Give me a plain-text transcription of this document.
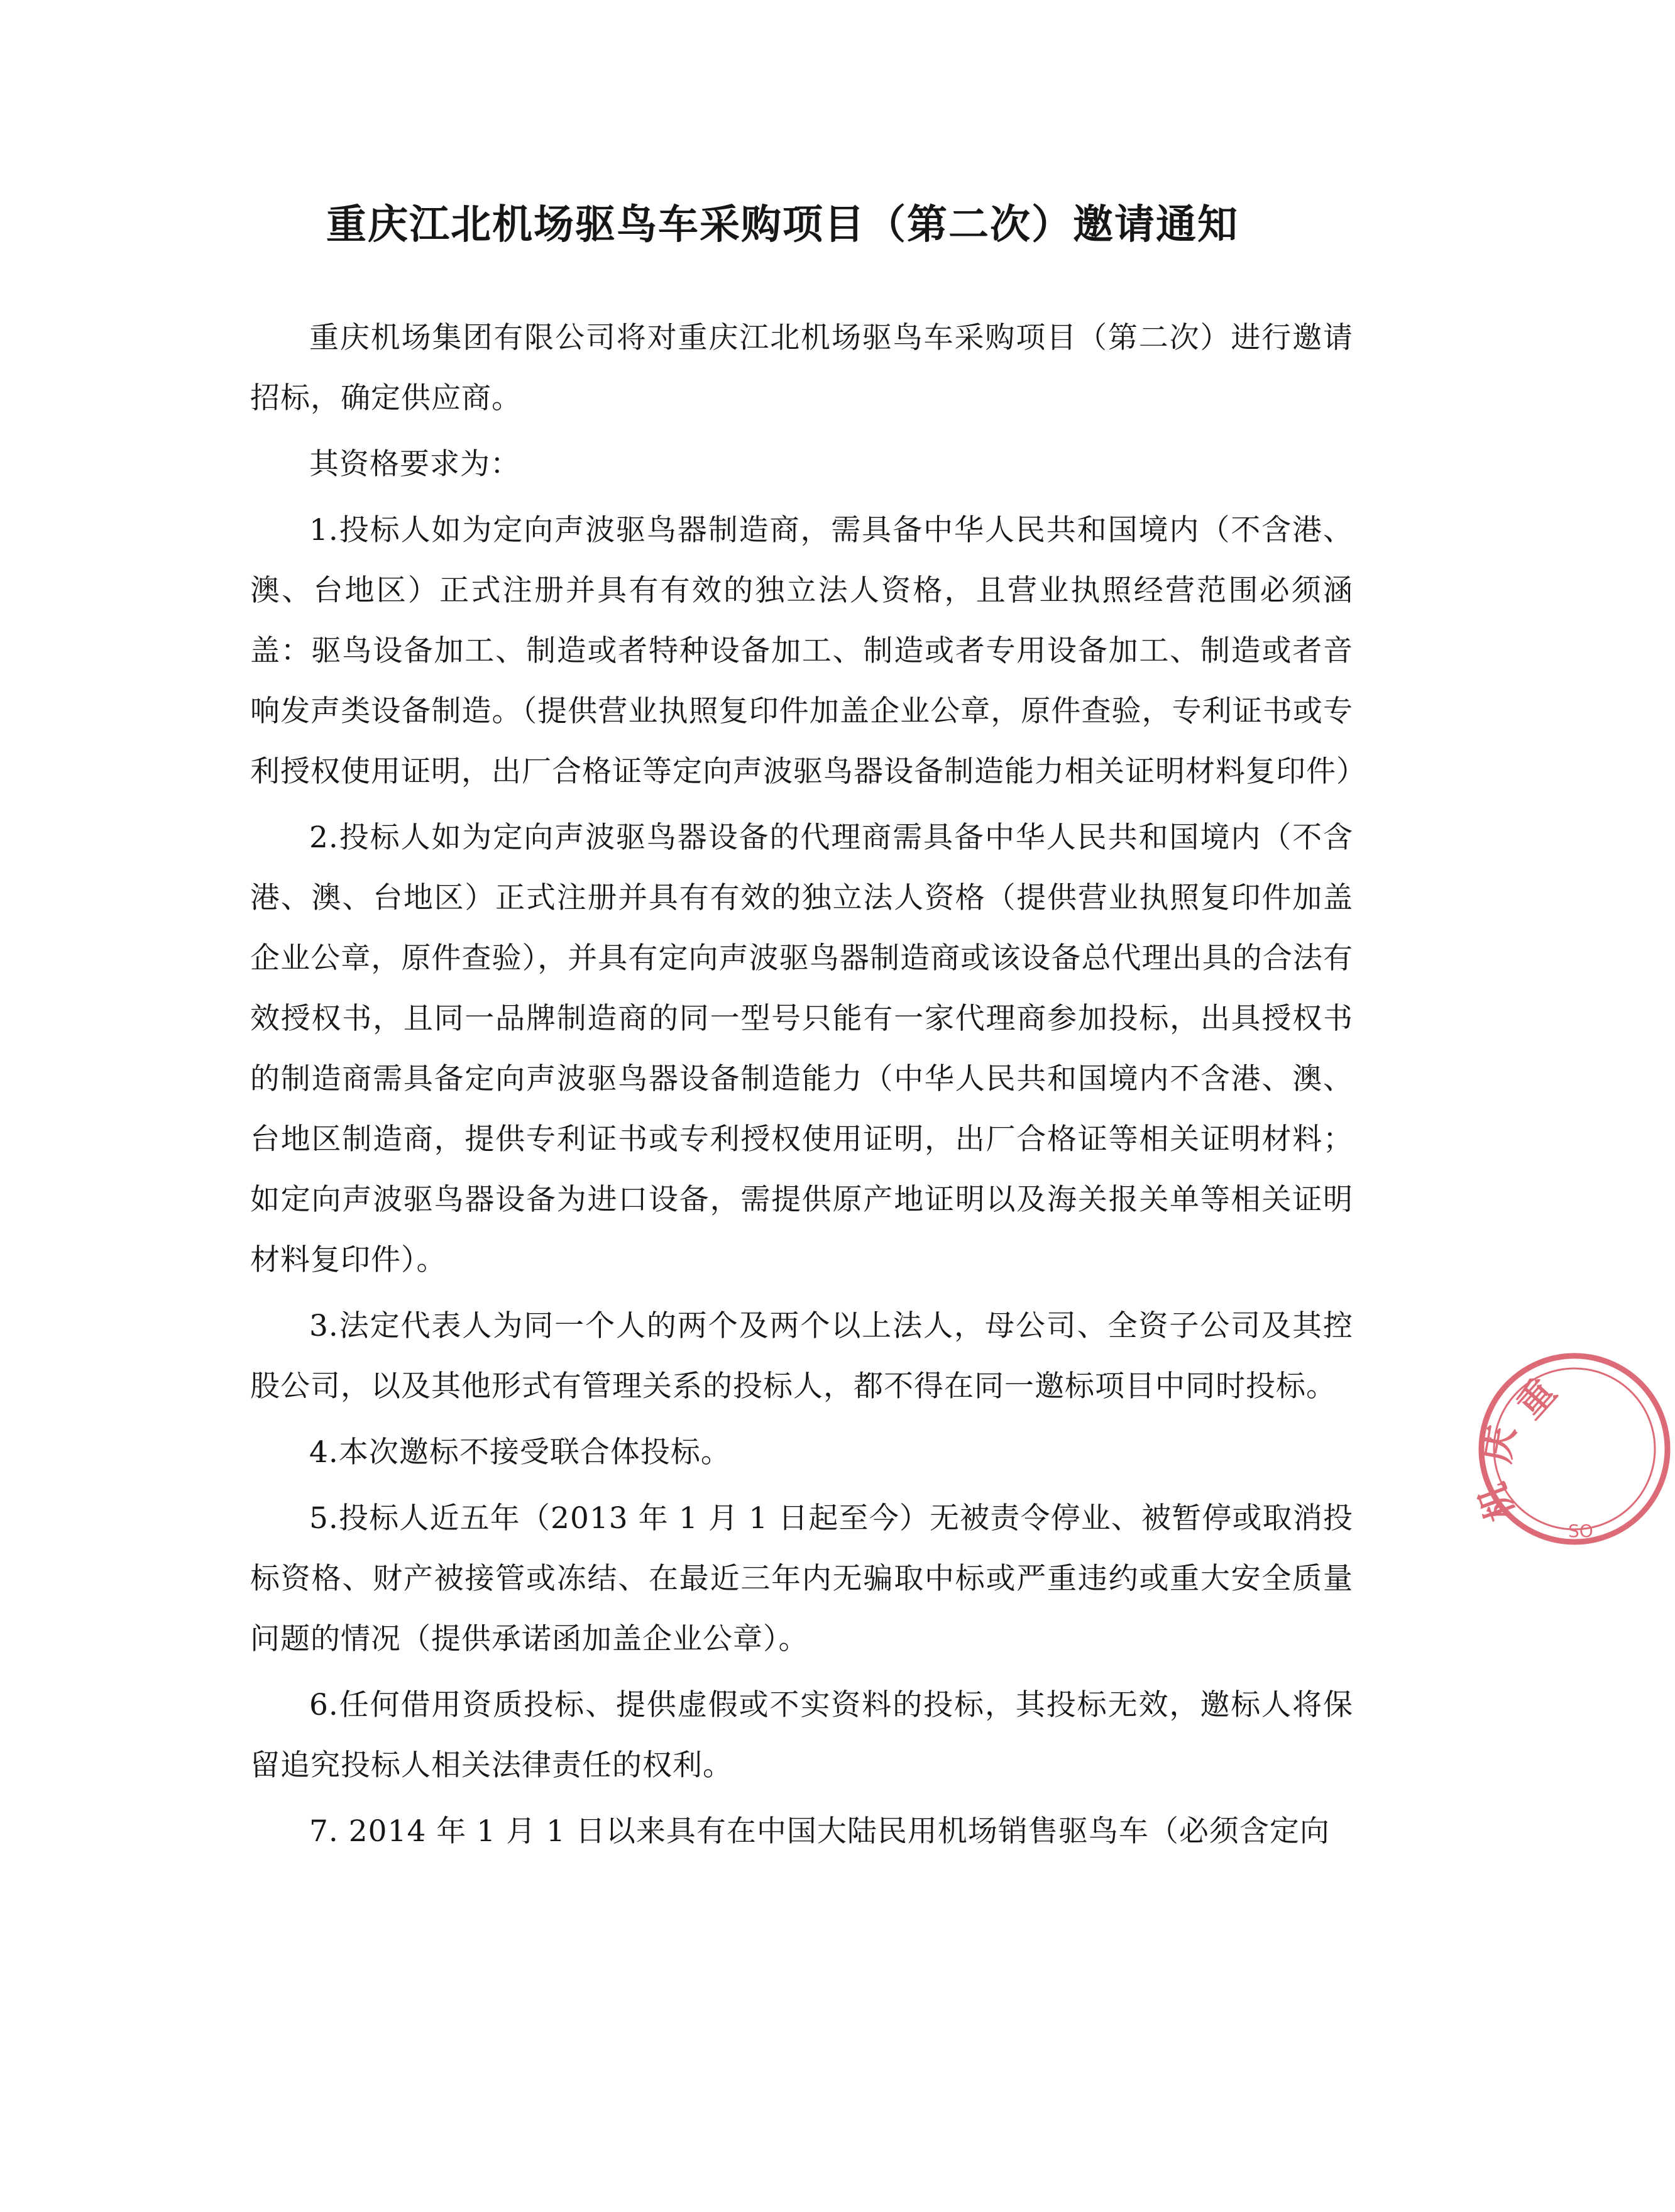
重庆江北机场驱鸟车采购项目（第二次）邀请通知

重庆机场集团有限公司将对重庆江北机场驱鸟车采购项目（第二次）进行邀请招标，确定供应商。

其资格要求为：

1.投标人如为定向声波驱鸟器制造商，需具备中华人民共和国境内（不含港、澳、台地区）正式注册并具有有效的独立法人资格，且营业执照经营范围必须涵盖：驱鸟设备加工、制造或者特种设备加工、制造或者专用设备加工、制造或者音响发声类设备制造。（提供营业执照复印件加盖企业公章，原件查验，专利证书或专利授权使用证明，出厂合格证等定向声波驱鸟器设备制造能力相关证明材料复印件）

2.投标人如为定向声波驱鸟器设备的代理商需具备中华人民共和国境内（不含港、澳、台地区）正式注册并具有有效的独立法人资格（提供营业执照复印件加盖企业公章，原件查验），并具有定向声波驱鸟器制造商或该设备总代理出具的合法有效授权书，且同一品牌制造商的同一型号只能有一家代理商参加投标，出具授权书的制造商需具备定向声波驱鸟器设备制造能力（中华人民共和国境内不含港、澳、台地区制造商，提供专利证书或专利授权使用证明，出厂合格证等相关证明材料；如定向声波驱鸟器设备为进口设备，需提供原产地证明以及海关报关单等相关证明材料复印件）。

3.法定代表人为同一个人的两个及两个以上法人，母公司、全资子公司及其控股公司，以及其他形式有管理关系的投标人，都不得在同一邀标项目中同时投标。

4.本次邀标不接受联合体投标。

5.投标人近五年（2013 年 1 月 1 日起至今）无被责令停业、被暂停或取消投标资格、财产被接管或冻结、在最近三年内无骗取中标或严重违约或重大安全质量问题的情况（提供承诺函加盖企业公章）。

6.任何借用资质投标、提供虚假或不实资料的投标，其投标无效，邀标人将保留追究投标人相关法律责任的权利。

7. 2014 年 1 月 1 日以来具有在中国大陆民用机场销售驱鸟车（必须含定向

重
庆
机
SO
